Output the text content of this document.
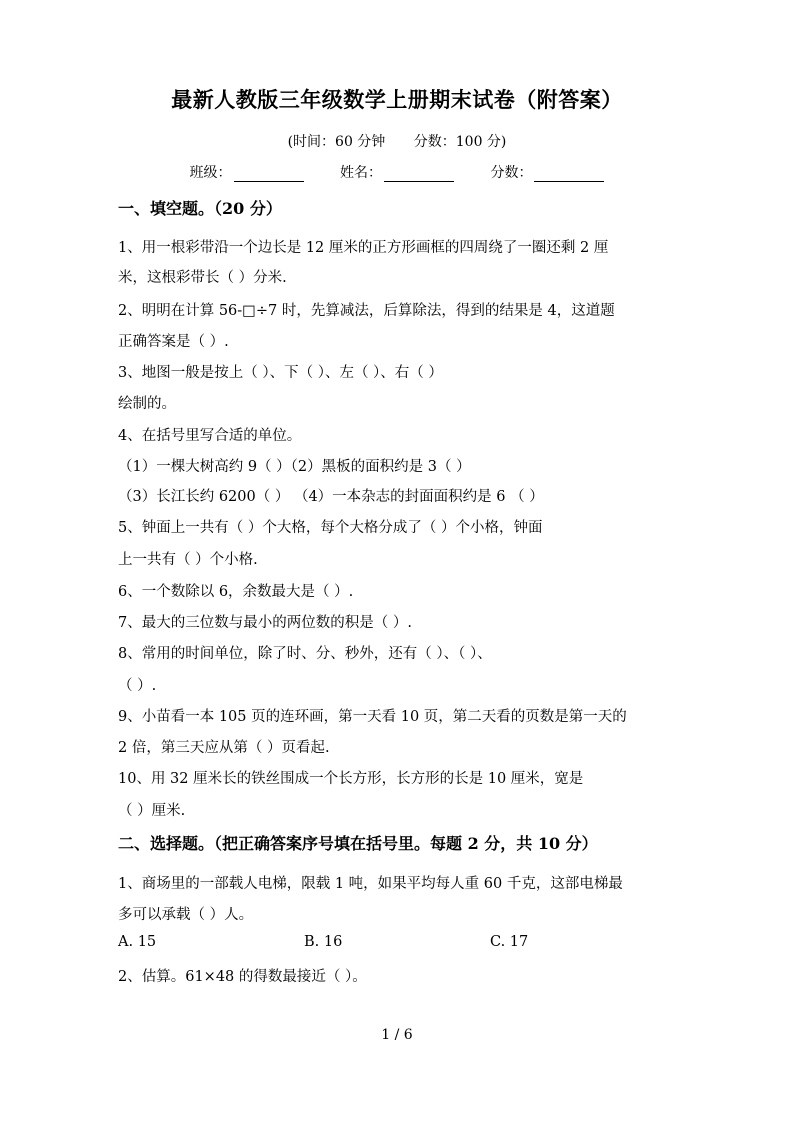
最新人教版三年级数学上册期末试卷（附答案）
(时间：60 分钟 分数：100 分)
班级：	姓名：	分数：
一、填空题。（20 分）
1、用一根彩带沿一个边长是 12 厘米的正方形画框的四周绕了一圈还剩 2 厘
米，这根彩带长（ ）分米.
2、明明在计算 56-□÷7 时，先算减法，后算除法，得到的结果是 4，这道题
正确答案是（ ）.
3、地图一般是按上（ ）、下（ ）、左（ ）、右（ ）
绘制的。
4、在括号里写合适的单位。
（1）一棵大树高约 9（ ）（2）黑板的面积约是 3（ ）
（3）长江长约 6200（ ） （4）一本杂志的封面面积约是 6 （ ）
5、钟面上一共有（ ）个大格，每个大格分成了（ ）个小格，钟面
上一共有（ ）个小格.
6、一个数除以 6，余数最大是（ ）.
7、最大的三位数与最小的两位数的积是（ ）.
8、常用的时间单位，除了时、分、秒外，还有（ ）、（ ）、
（ ）.
9、小苗看一本 105 页的连环画，第一天看 10 页，第二天看的页数是第一天的
2 倍，第三天应从第（ ）页看起.
10、用 32 厘米长的铁丝围成一个长方形，长方形的长是 10 厘米，宽是
（ ）厘米.
二、选择题。（把正确答案序号填在括号里。每题 2 分，共 10 分）
1、商场里的一部载人电梯，限载 1 吨，如果平均每人重 60 千克，这部电梯最
多可以承载（ ）人。
A. 15	B. 16	C. 17
2、估算。61×48 的得数最接近（ ）。
1 / 6
